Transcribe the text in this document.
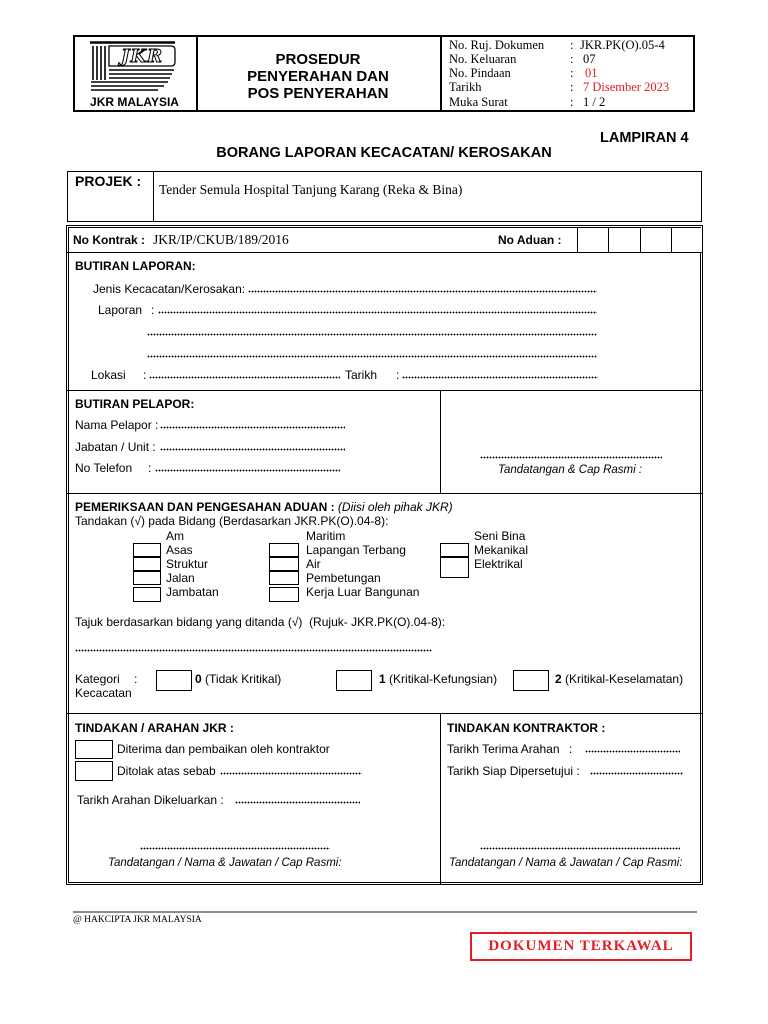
JKR
JKR MALAYSIA
PROSEDUR
PENYERAHAN DAN
POS PENYERAHAN
No. Ruj. Dokumen : JKR.PK(O).05-4
No. Keluaran	: 07
No. Pindaan	: 01
Tarikh	: 7 Disember 2023
Muka Surat	: 1 / 2
LAMPIRAN 4
BORANG LAPORAN KECACATAN/ KEROSAKAN
PROJEK :
Tender Semula Hospital Tanjung Karang (Reka & Bina)
No Kontrak : JKR/IP/CKUB/189/2016	No Aduan :
BUTIRAN LAPORAN:
Jenis Kecacatan/Kerosakan:
Laporan :
Lokasi :	Tarikh :
BUTIRAN PELAPOR:
Nama Pelapor :
Jabatan / Unit :
No Telefon :	Tandatangan & Cap Rasmi :
PEMERIKSAAN DAN PENGESAHAN ADUAN : (Diisi oleh pihak JKR)
Tandakan (√) pada Bidang (Berdasarkan JKR.PK(O).04-8):
Am
Asas
Struktur
Jalan
Jambatan
Maritim
Lapangan Terbang
Air
Pembetungan
Kerja Luar Bangunan
Seni Bina
Mekanikal
Elektrikal
Tajuk berdasarkan bidang yang ditanda (√)  (Rujuk- JKR.PK(O).04-8):
Kategori :
Kecacatan
0 (Tidak Kritikal)	1 (Kritikal-Kefungsian)	2 (Kritikal-Keselamatan)
TINDAKAN / ARAHAN JKR :
Diterima dan pembaikan oleh kontraktor
Ditolak atas sebab
Tarikh Arahan Dikeluarkan :
Tandatangan / Nama & Jawatan / Cap Rasmi:
TINDAKAN KONTRAKTOR :
Tarikh Terima Arahan :
Tarikh Siap Dipersetujui :
Tandatangan / Nama & Jawatan / Cap Rasmi:
@ HAKCIPTA JKR MALAYSIA
DOKUMEN TERKAWAL
